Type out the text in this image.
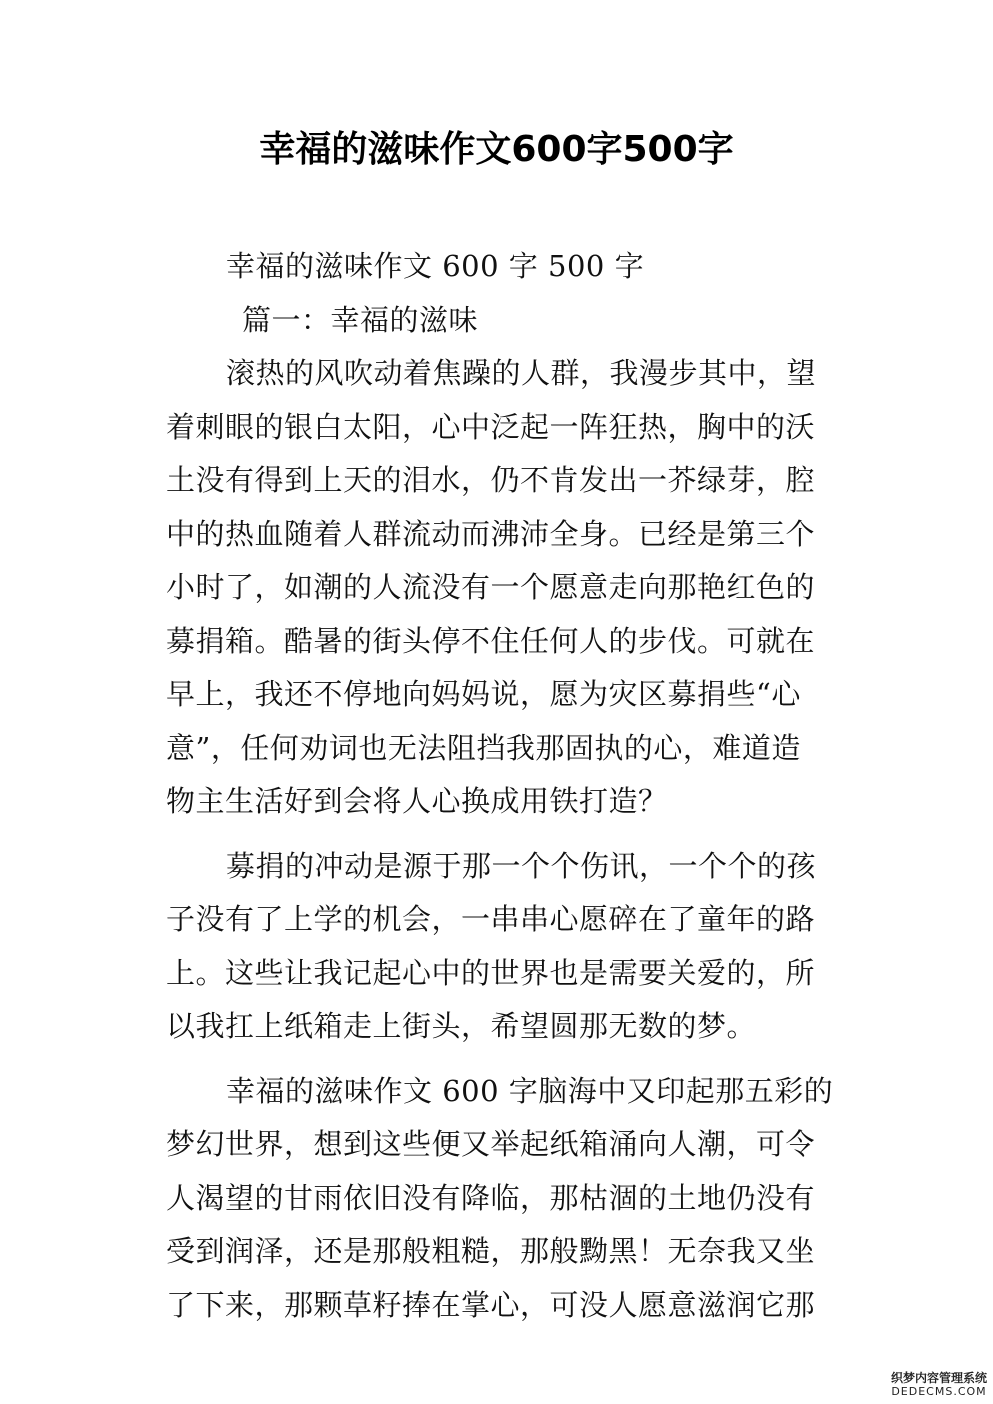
幸福的滋味作文600字500字
幸福的滋味作文 600 字 500 字
篇一：幸福的滋味
滚热的风吹动着焦躁的人群，我漫步其中，望
着刺眼的银白太阳，心中泛起一阵狂热，胸中的沃
土没有得到上天的泪水，仍不肯发出一芥绿芽，腔
中的热血随着人群流动而沸沛全身。已经是第三个
小时了，如潮的人流没有一个愿意走向那艳红色的
募捐箱。酷暑的街头停不住任何人的步伐。可就在
早上，我还不停地向妈妈说，愿为灾区募捐些“心
意”，任何劝词也无法阻挡我那固执的心，难道造
物主生活好到会将人心换成用铁打造？
募捐的冲动是源于那一个个伤讯，一个个的孩
子没有了上学的机会，一串串心愿碎在了童年的路
上。这些让我记起心中的世界也是需要关爱的，所
以我扛上纸箱走上街头，希望圆那无数的梦。
幸福的滋味作文 600 字脑海中又印起那五彩的
梦幻世界，想到这些便又举起纸箱涌向人潮，可令
人渴望的甘雨依旧没有降临，那枯涸的土地仍没有
受到润泽，还是那般粗糙，那般黝黑！无奈我又坐
了下来，那颗草籽捧在掌心，可没人愿意滋润它那
织梦内容管理系统
DEDECMS.COM
